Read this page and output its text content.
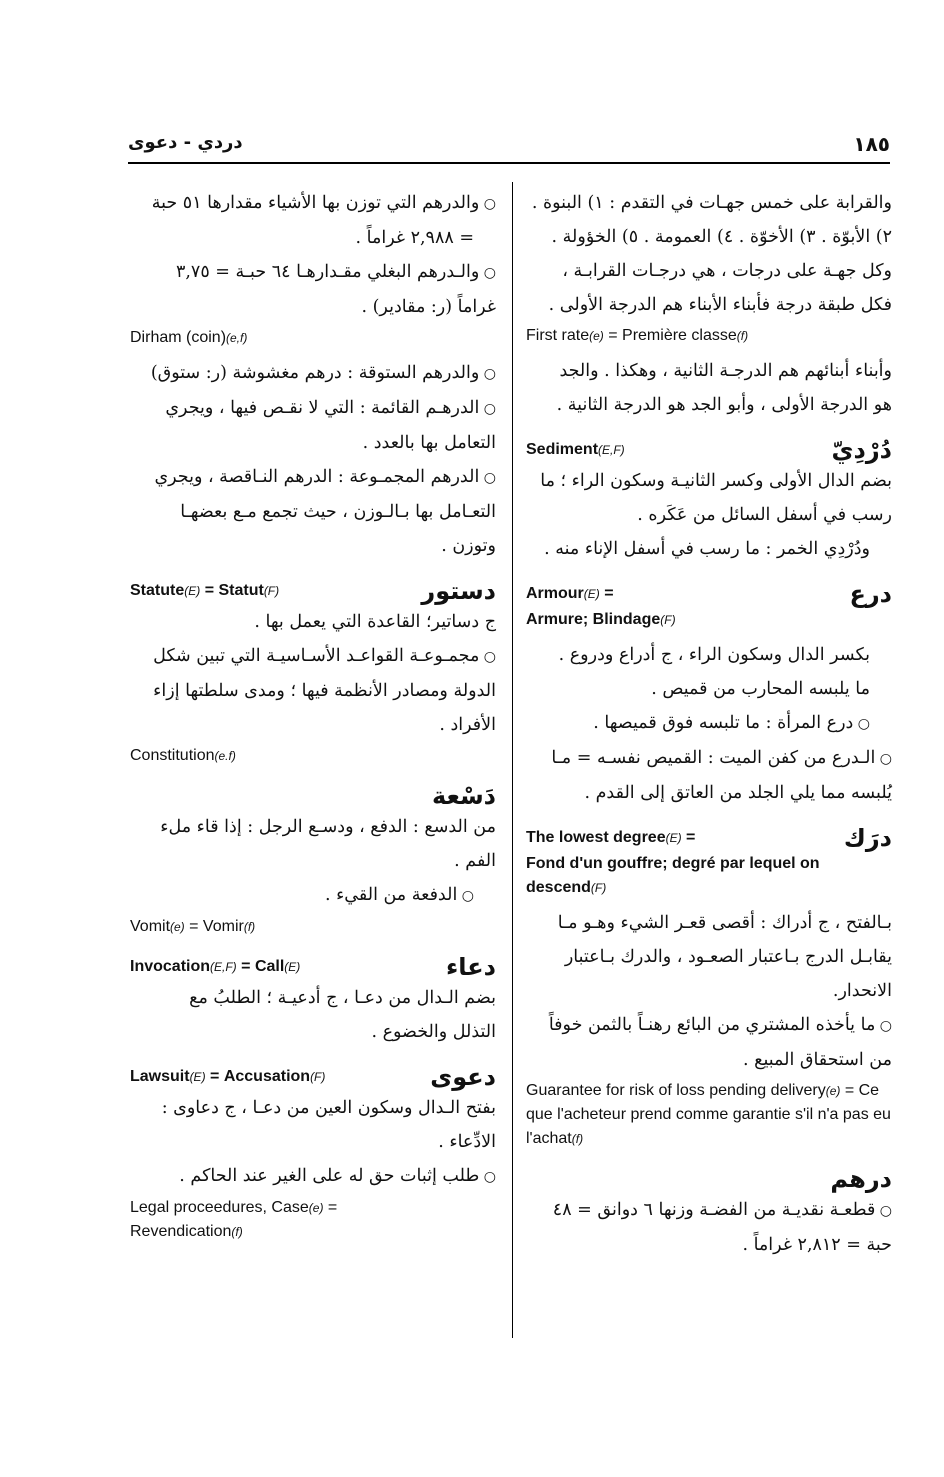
١٨٥
دردي - دعوى

والقرابة على خمس جهـات في التقدم : ١) البنوة .

٢) الأبوّة . ٣) الأخوّة . ٤) العمومة . ٥) الخؤولة .

وكل جهـة على درجات ، هي درجـات القرابـة ،

فكل طبقة درجة فأبناء الأبناء هم الدرجة الأولى .

First rate(e) = Première classe(f)

وأبناء أبنائهم هم الدرجـة الثانية ، وهكذا . والجد

هو الدرجة الأولى ، وأبو الجد هو الدرجة الثانية .

Sediment(E,F)	دُرْدِيّ

بضم الدال الأولى وكسر الثانيـة وسكون الراء ؛ ما

رسب في أسفل السائل من عَكَره .

ودُرْدِي الخمر : ما رسب في أسفل الإناء منه .

Armour(E) =	درع

Armure; Blindage(F)

بكسر الدال وسكون الراء ، ج أدراع ودروع .

ما يلبسه المحارب من قميص .

○ درع المرأة : ما تلبسه فوق قميصها .

○ الـدرع من كفن الميت : القميص نفسـه = مـا

يُلبسه مما يلي الجلد من العاتق إلى القدم .

The lowest degree(E) =	درَك

Fond d'un gouffre; degré par lequel on descend(F)

بـالفتح ، ج أدراك : أقصى قعـر الشيء وهـو مـا

يقابـل الدرج بـاعتبار الصعـود ، والدرك بـاعتبار

الانحدار.

○ ما يأخذه المشتري من البائع رهنـاً بالثمن خوفاً

من استحقاق المبيع .

Guarantee for risk of loss pending delivery(e) = Ce que l'acheteur prend comme garantie s'il n'a pas eu l'achat(f)

درهم

○ قطعـة نقديـة من الفضـة وزنها ٦ دوانق = ٤٨

حبة = ٢,٨١٢ غراماً .

○ والدرهم التي توزن بها الأشياء مقدارها ٥١ حبة

= ٢,٩٨٨ غراماً .

○ والـدرهم البغلي مقـدارهـا ٦٤ حبـة = ٣,٧٥

غراماً (ر: مقادير) .

Dirham (coin)(e,f)

○ والدرهم الستوقة : درهم مغشوشة (ر: ستوق)

○ الدرهـم القائمة : التي لا نقـص فيها ، ويجري

التعامل بها بالعدد .

○ الدرهم المجمـوعة : الدرهم النـاقصة ، ويجري

التعـامل بها بـالـوزن ، حيث تجمع مـع بعضهـا

وتوزن .

Statute(E) = Statut(F)	دستور

ج دساتير؛ القاعدة التي يعمل بها .

○ مجمـوعـة القواعـد الأسـاسيـة التي تبين شكل

الدولة ومصادر الأنظمة فيها ؛ ومدى سلطتها إزاء

الأفراد .

Constitution(e.f)

دَسْعة

من الدسع : الدفع ، ودسـع الرجل : إذا قاء ملء

الفم .

○ الدفعة من القيء .

Vomit(e) = Vomir(f)

Invocation(E,F) = Call(E)	دعاء

بضم الـدال من دعـا ، ج أدعيـة ؛ الطلبُ مع

التذلل والخضوع .

Lawsuit(E) = Accusation(F)	دعوى

بفتح الـدال وسكون العين من دعـا ، ج دعاوى :

الادِّعاء .

○ طلب إثبات حق له على الغير عند الحاكم .

Legal proceedures, Case(e) =
Revendication(f)
